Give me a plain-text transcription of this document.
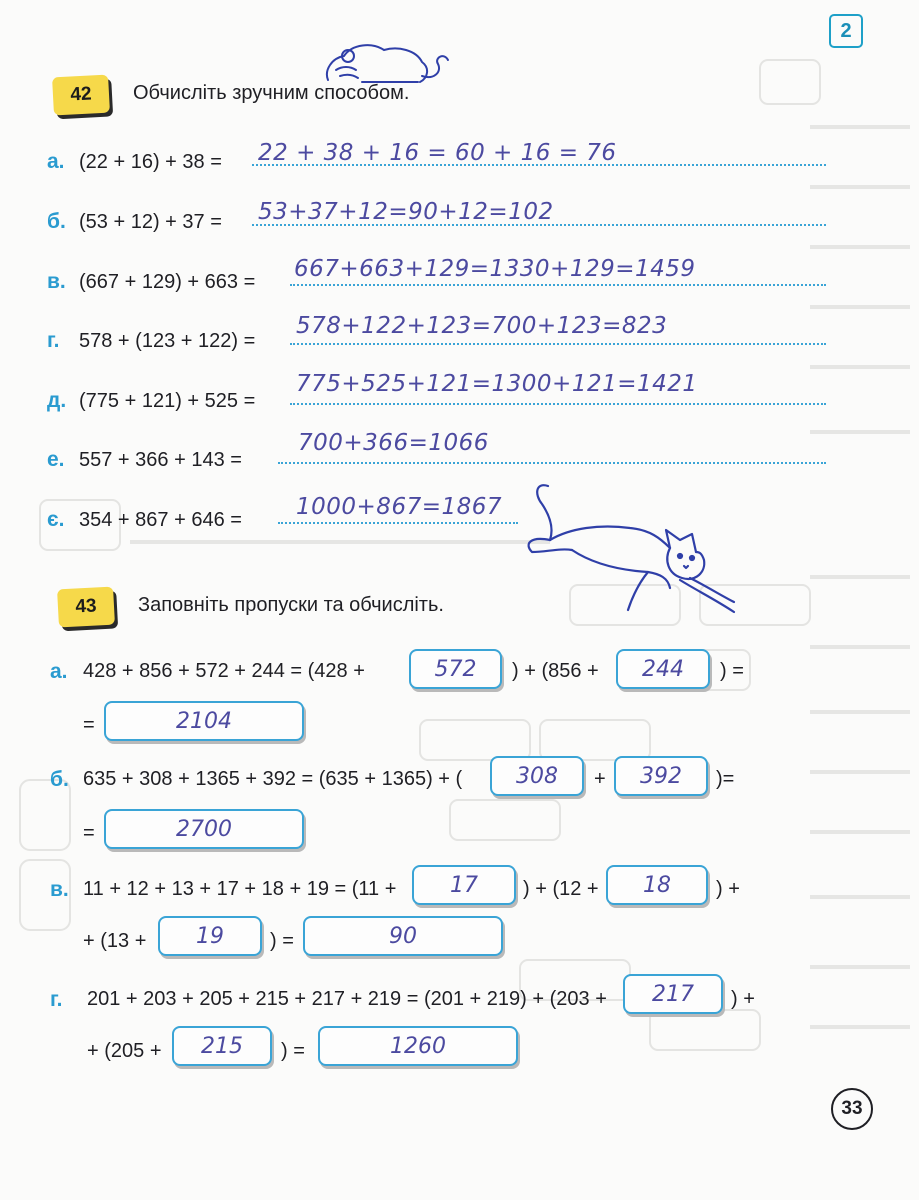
2
42	Обчисліть зручним способом.
а. (22 + 16) + 38 = 22 + 38 + 16 = 60 + 16 = 76
б. (53 + 12) + 37 = 53+37+12=90+12=102
в. (667 + 129) + 663 = 667+663+129=1330+129=1459
г. 578 + (123 + 122) =
578+122+123=700+123=823
д. (775 + 121) + 525 =
775+525+121=1300+121=1421
е. 557 + 366 + 143 =
700+366=1066
є. 354 + 867 + 646 = 1000+867=1867
43	Заповніть пропуски та обчисліть.
а. 428 + 856 + 572 + 244 = (428 +	572	) + (856 +	244	) =
=	2104
б. 635 + 308 + 1365 + 392 = (635 + 1365) + (	308	+	392	)=
=	2700
в. 11 + 12 + 13 + 17 + 18 + 19 = (11 +	17	) + (12 +	18	) +
+ (13 +	19	) =	90
г. 201 + 203 + 205 + 215 + 217 + 219 = (201 + 219) + (203 +	217	) +
+ (205 +	215	) =	1260
33
